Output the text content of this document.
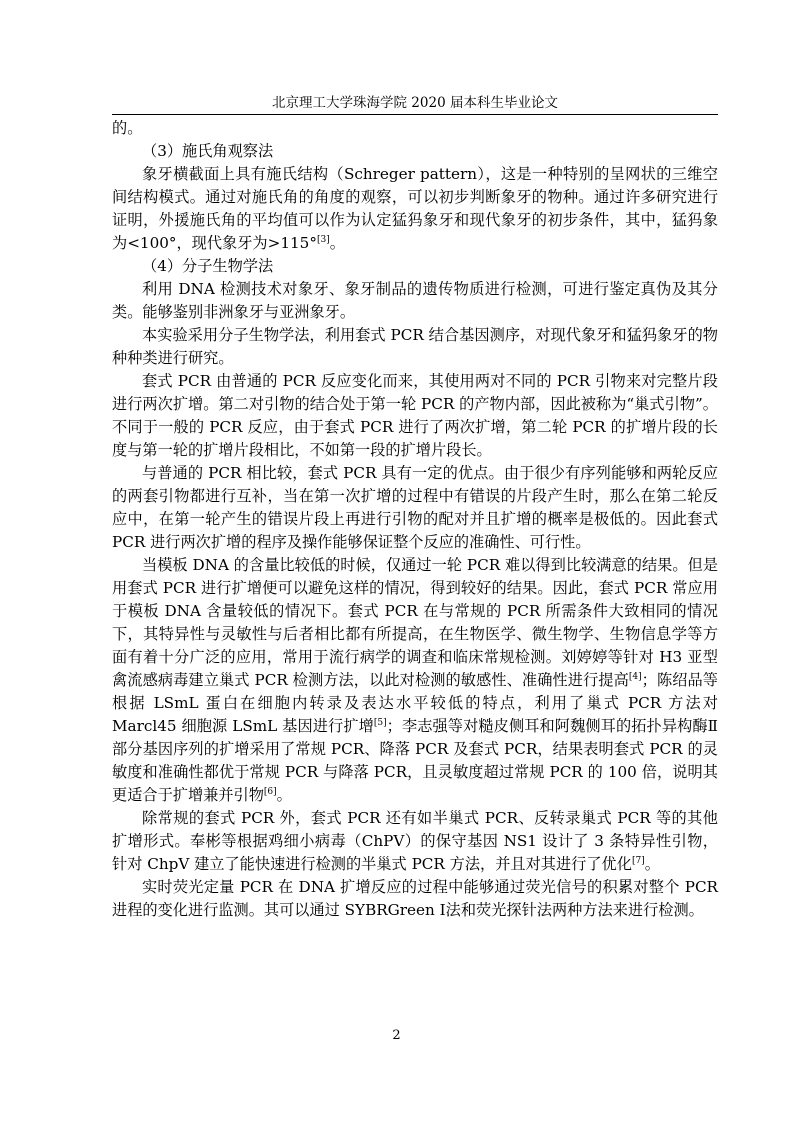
北京理工大学珠海学院 2020 届本科生毕业论文

的。

（3）施氏角观察法

象牙横截面上具有施氏结构（Schreger pattern），这是一种特别的呈网状的三维空间结构模式。通过对施氏角的角度的观察，可以初步判断象牙的物种。通过许多研究进行证明，外援施氏角的平均值可以作为认定猛犸象牙和现代象牙的初步条件，其中，猛犸象为<100°，现代象牙为>115°[3]。

（4）分子生物学法

利用 DNA 检测技术对象牙、象牙制品的遗传物质进行检测，可进行鉴定真伪及其分类。能够鉴别非洲象牙与亚洲象牙。

本实验采用分子生物学法，利用套式 PCR 结合基因测序，对现代象牙和猛犸象牙的物种种类进行研究。

套式 PCR 由普通的 PCR 反应变化而来，其使用两对不同的 PCR 引物来对完整片段进行两次扩增。第二对引物的结合处于第一轮 PCR 的产物内部，因此被称为“巢式引物”。不同于一般的 PCR 反应，由于套式 PCR 进行了两次扩增，第二轮 PCR 的扩增片段的长度与第一轮的扩增片段相比，不如第一段的扩增片段长。

与普通的 PCR 相比较，套式 PCR 具有一定的优点。由于很少有序列能够和两轮反应的两套引物都进行互补，当在第一次扩增的过程中有错误的片段产生时，那么在第二轮反应中，在第一轮产生的错误片段上再进行引物的配对并且扩增的概率是极低的。因此套式 PCR 进行两次扩增的程序及操作能够保证整个反应的准确性、可行性。

当模板 DNA 的含量比较低的时候，仅通过一轮 PCR 难以得到比较满意的结果。但是用套式 PCR 进行扩增便可以避免这样的情况，得到较好的结果。因此，套式 PCR 常应用于模板 DNA 含量较低的情况下。套式 PCR 在与常规的 PCR 所需条件大致相同的情况下，其特异性与灵敏性与后者相比都有所提高，在生物医学、微生物学、生物信息学等方面有着十分广泛的应用，常用于流行病学的调查和临床常规检测。刘婷婷等针对 H3 亚型禽流感病毒建立巢式 PCR 检测方法，以此对检测的敏感性、准确性进行提高[4]；陈绍品等根据 LSmL 蛋白在细胞内转录及表达水平较低的特点，利用了巢式 PCR 方法对 Marcl45 细胞源 LSmL 基因进行扩增[5]；李志强等对糙皮侧耳和阿魏侧耳的拓扑异构酶Ⅱ部分基因序列的扩增采用了常规 PCR、降落 PCR 及套式 PCR，结果表明套式 PCR 的灵敏度和准确性都优于常规 PCR 与降落 PCR，且灵敏度超过常规 PCR 的 100 倍，说明其更适合于扩增兼并引物[6]。

除常规的套式 PCR 外，套式 PCR 还有如半巢式 PCR、反转录巢式 PCR 等的其他扩增形式。奉彬等根据鸡细小病毒（ChPV）的保守基因 NS1 设计了 3 条特异性引物，针对 ChpV 建立了能快速进行检测的半巢式 PCR 方法，并且对其进行了优化[7]。

实时荧光定量 PCR 在 DNA 扩增反应的过程中能够通过荧光信号的积累对整个 PCR 进程的变化进行监测。其可以通过 SYBRGreen Ⅰ法和荧光探针法两种方法来进行检测。

2
